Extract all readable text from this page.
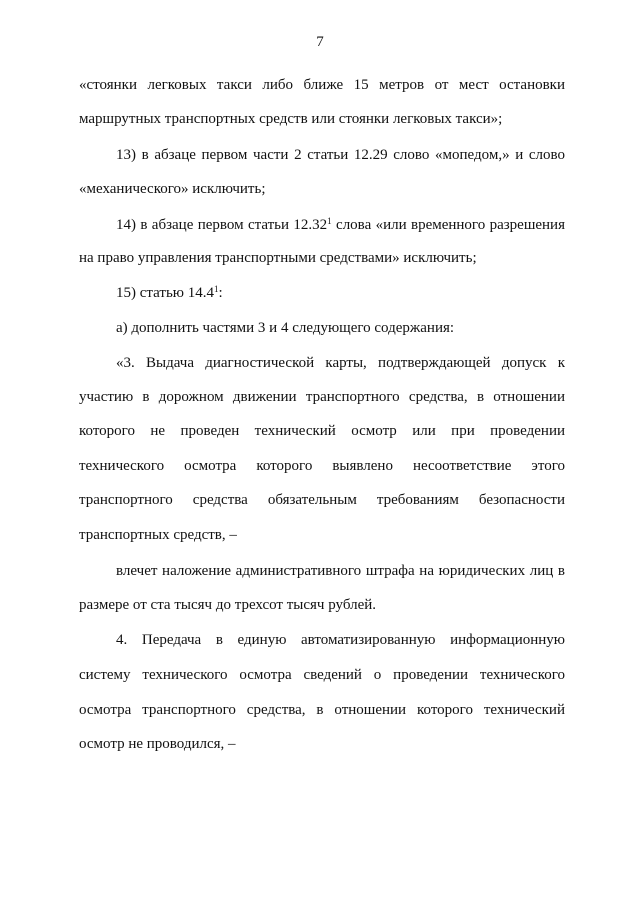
7
«стоянки легковых такси либо ближе 15 метров от мест остановки
маршрутных транспортных средств или стоянки легковых такси»;
13) в абзаце первом части 2 статьи 12.29 слово «мопедом,» и слово
«механического» исключить;
14) в абзаце первом статьи 12.32$^1$ слова «или временного разрешения
на право управления транспортными средствами» исключить;
15) статью 14.4$^1$:
а) дополнить частями 3 и 4 следующего содержания:
«3. Выдача диагностической карты, подтверждающей допуск к
участию в дорожном движении транспортного средства, в отношении
которого не проведен технический осмотр или при проведении
технического осмотра которого выявлено несоответствие этого
транспортного средства обязательным требованиям безопасности
транспортных средств, –
влечет наложение административного штрафа на юридических лиц в
размере от ста тысяч до трехсот тысяч рублей.
4. Передача в единую автоматизированную информационную
систему технического осмотра сведений о проведении технического
осмотра транспортного средства, в отношении которого технический
осмотр не проводился, –
